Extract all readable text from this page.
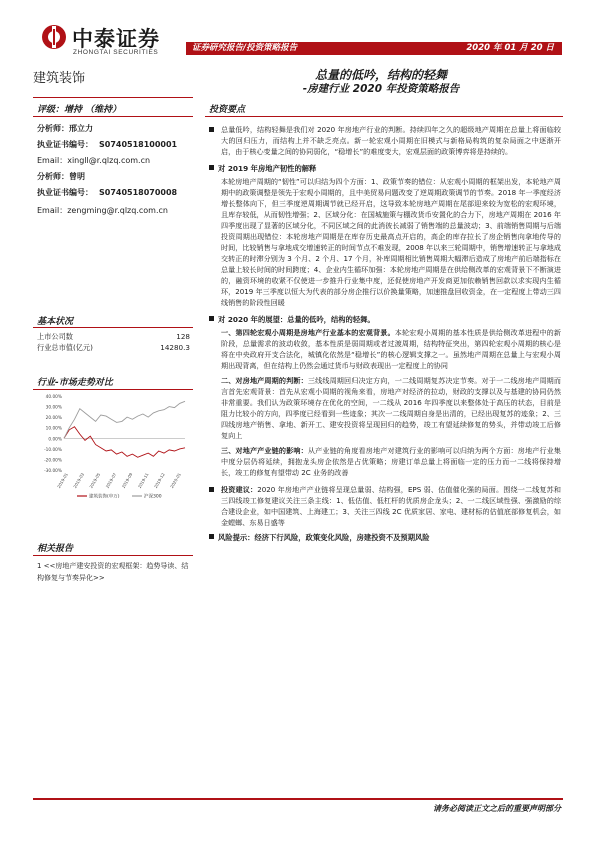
中泰证券
ZHONGTAI SECURITIES	证券研究报告/投资策略报告	2020 年 01 月 20 日
建筑装饰	总量的低吟，结构的轻舞
-房建行业 2020 年投资策略报告
评级：增持 （维持）
分析师：邢立力
执业证书编号： S0740518100001
Email：xingll@r.qlzq.com.cn
分析师：曾明
执业证书编号： S0740518070008
Email：zengming@r.qlzq.com.cn
基本状况
上市公司数	128
行业总市值(亿元)	14280.3
行业-市场走势对比
40.00%
30.00%
20.00%
10.00%
0.00%
-10.00%
-20.00%
-30.00%
2019-01 2019-03 2019-05 2019-07 2019-09 2019-11 2019-12 2020-01
建筑装饰(申万)	沪深300
相关报告
1 <<房地产建安投资的宏观框架：趋势导读、结构修复与节奏异化>>
投资要点
总量低吟，结构轻舞是我们对 2020 年房地产行业的判断。持续四年之久的超级地产周期在总量上将面临较大的回归压力，而结构上并不缺乏亮点。新一轮宏观小周期在旧模式与新格局构筑的复杂局面之中逐渐开启，由于核心变量之间的协同弱化，“稳增长”的难度变大，宏观层面的政策博弈将是持续的。
对 2019 年房地产韧性的解释
本轮房地产周期的“韧性”可以归结为四个方面：1、政策节奏的错位：从宏观小周期的框架出发，本轮地产周期中的政策调整是领先于宏观小周期的，且中美贸易问题改变了逆周期政策调节的节奏。2018 年一季度经济增长整体向下，但三季度逆周期调节就已经开启，这导致本轮房地产周期在尾部迎来较为宽松的宏观环境，且库存较低，从而韧性增强；2、区域分化：在国城施策与棚改货币安置化的合力下，房地产周期在 2016 年四季度出现了显著的区域分化，不同区域之间的此消彼长减弱了销售端的总量波动；3、前端销售周期与后端投资周期出现错位：本轮房地产周期是在库存历史最高点开启的，高企的库存拉长了房企销售向拿地传导的时间，比较销售与拿地成交增速转正的时间节点不难发现，2008 年以来三轮周期中，销售增速转正与拿地成交转正的时滞分别为 3 个月、2 个月、17 个月，补库周期相比销售周期大幅滞后造成了房地产前后端指标在总量上较长时间的时间跨度；4、企业内生循环加强：本轮房地产周期是在供给侧改革的宏观背景下不断演进的，融资环境的收紧不仅使进一步推升行业集中度，还促使房地产开发商更加依赖销售回款以求实现内生循环，2019 年三季度以恒大为代表的部分房企推行以价换量策略，加速推盘回收资金，在一定程度上带动三四线销售的阶段性回暖
对 2020 年的展望：总量的低吟，结构的轻舞。
一、第四轮宏观小周期是房地产行业基本的宏观背景。本轮宏观小周期的基本性质是供给侧改革进程中的新阶段，总量需求的波动收敛，基本性质是弱周期或者过渡周期，结构特征突出，第四轮宏观小周期的核心是将在中央政府开支合法化，城镇化依然是“稳增长”的核心逻辑支撑之一。虽然地产周期在总量上与宏观小周期出现背离，但在结构上仍然会通过货币与财政表现出一定程度上的协同
二、对房地产周期的判断：三线线周期回归决定方向，一二线周期复苏决定节奏。对于一二线房地产周期而言首先宏观背景：首先从宏观小周期的视角来看，房地产对经济的拉动，财政的支撑以及与基建的协同仍然非常重要。我们认为政策环境存在优化的空间，一二线从 2016 年四季度以来整体处于高压的状态，目前是阻力比较小的方向，四季度已经看到一些迹象；其次一二线周期自身是出清的，已经出现复苏的迹象；2、三四线房地产销售、拿地、新开工、建安投资将呈现回归的趋势，竣工有望延续修复的势头，并带动竣工后修复向上
三、对地产产业链的影响：从产业链的角度看房地产对建筑行业的影响可以归纳为两个方面：房地产行业集中度分层仍将延续，拥抱龙头房企依然是占优策略；房建订单总量上将面临一定的压力而一二线将保持增长，竣工的修复有望带动 2C 业务的改善
投资建议：2020 年房地产产业链将呈现总量弱、结构强，EPS 弱、估值催化强的局面。围绕一二线复苏和三四线竣工修复建议关注三条主线：1、低估值、低杠杆的优质房企龙头；2、一二线区域性强、强激励的综合建设企业，如中国建筑、上海建工；3、关注三四线 2C 优质家居、家电、建材标的估值底部修复机会，如金螳螂、东易日盛等
风险提示：经济下行风险，政策变化风险，房建投资不及预期风险
请务必阅读正文之后的重要声明部分
